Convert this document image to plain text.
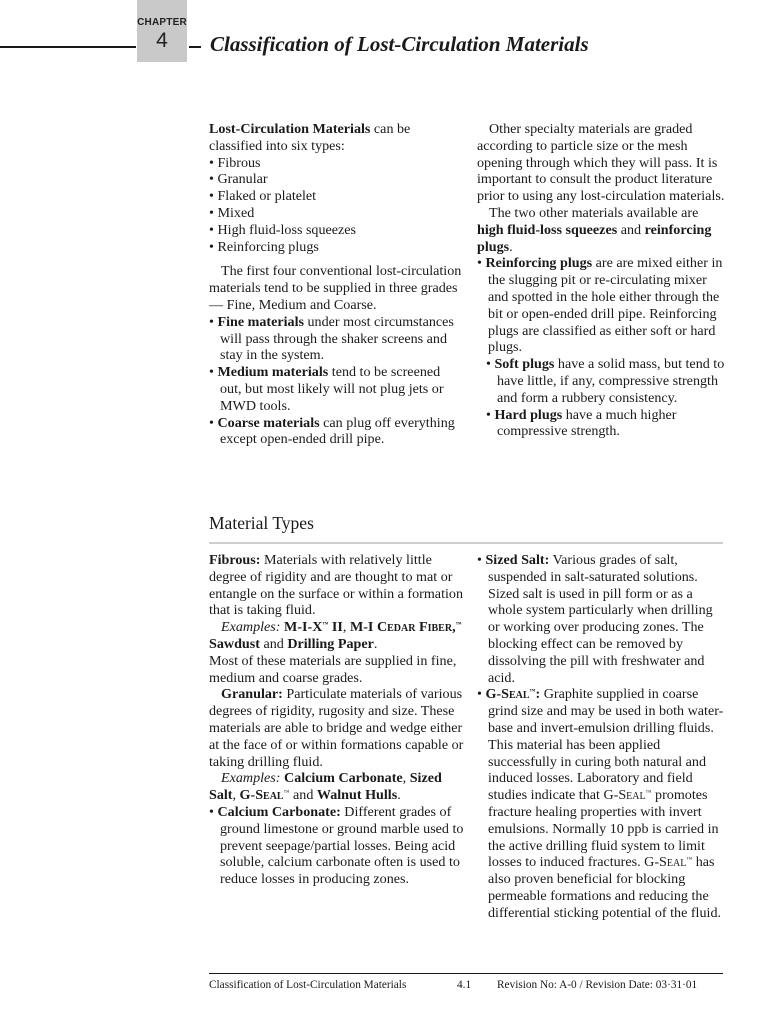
CHAPTER
4	Classification of Lost-Circulation Materials

Lost-Circulation Materials can be classified into six types:

• Fibrous

• Granular

• Flaked or platelet

• Mixed

• High fluid-loss squeezes

• Reinforcing plugs

The first four conventional lost-circulation materials tend to be supplied in three grades — Fine, Medium and Coarse.

• Fine materials under most circumstances will pass through the shaker screens and stay in the system.

• Medium materials tend to be screened out, but most likely will not plug jets or MWD tools.

• Coarse materials can plug off everything except open-ended drill pipe.

Other specialty materials are graded according to particle size or the mesh opening through which they will pass. It is important to consult the product literature prior to using any lost-circulation materials.

The two other materials available are high fluid-loss squeezes and reinforcing plugs.

• Reinforcing plugs are are mixed either in the slugging pit or re-circulating mixer and spotted in the hole either through the bit or open-ended drill pipe. Reinforcing plugs are classified as either soft or hard plugs.

• Soft plugs have a solid mass, but tend to have little, if any, compressive strength and form a rubbery consistency.

• Hard plugs have a much higher compressive strength.

Material Types

Fibrous: Materials with relatively little degree of rigidity and are thought to mat or entangle on the surface or within a formation that is taking fluid.

Examples: M-I-X™ II, M-I Cedar Fiber,™ Sawdust and Drilling Paper.

Most of these materials are supplied in fine, medium and coarse grades.

Granular: Particulate materials of various degrees of rigidity, rugosity and size. These materials are able to bridge and wedge either at the face of or within formations capable or taking drilling fluid.

Examples: Calcium Carbonate, Sized Salt, G-Seal™ and Walnut Hulls.

• Calcium Carbonate: Different grades of ground limestone or ground marble used to prevent seepage/partial losses. Being acid soluble, calcium carbonate often is used to reduce losses in producing zones.

• Sized Salt: Various grades of salt, suspended in salt-saturated solutions. Sized salt is used in pill form or as a whole system particularly when drilling or working over producing zones. The blocking effect can be removed by dissolving the pill with freshwater and acid.

• G-Seal™: Graphite supplied in coarse grind size and may be used in both water-base and invert-emulsion drilling fluids. This material has been applied successfully in curing both natural and induced losses. Laboratory and field studies indicate that G-Seal™ promotes fracture healing properties with invert emulsions. Normally 10 ppb is carried in the active drilling fluid system to limit losses to induced fractures. G-Seal™ has also proven beneficial for blocking permeable formations and reducing the differential sticking potential of the fluid.

Classification of Lost-Circulation Materials	4.1 Revision No: A-0 / Revision Date: 03·31·01
